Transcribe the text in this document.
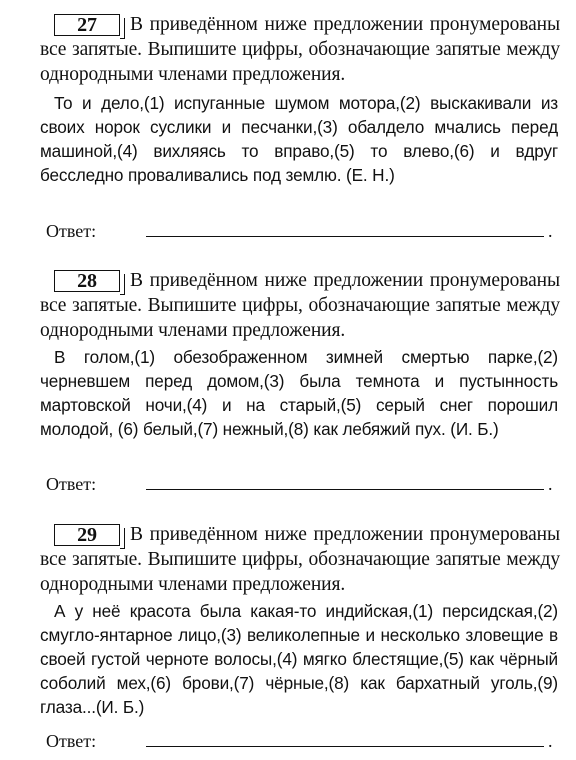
27	В приведённом ниже предложении пронумерованы все запятые. Выпишите цифры, обозначающие запятые между однородными членами предложения.

То и дело,(1) испуганные шумом мотора,(2) выскакивали из своих норок суслики и песчанки,(3) обалдело мчались перед машиной,(4) вихляясь то вправо,(5) то влево,(6) и вдруг бесследно проваливались под землю. (Е. Н.)

Ответ:	.

28	В приведённом ниже предложении пронумерованы все запятые. Выпишите цифры, обозначающие запятые между однородными членами предложения.

В голом,(1) обезображенном зимней смертью парке,(2) черневшем перед домом,(3) была темнота и пустынность мартовской ночи,(4) и на старый,(5) серый снег порошил молодой, (6) белый,(7) нежный,(8) как лебяжий пух. (И. Б.)

Ответ:	.

29	В приведённом ниже предложении пронумерованы все запятые. Выпишите цифры, обозначающие запятые между однородными членами предложения.

А у неё красота была какая-то индийская,(1) персидская,(2) смугло-янтарное лицо,(3) великолепные и несколько зловещие в своей густой черноте волосы,(4) мягко блестящие,(5) как чёрный соболий мех,(6) брови,(7) чёрные,(8) как бархатный уголь,(9) глаза...(И. Б.)

Ответ:	.
